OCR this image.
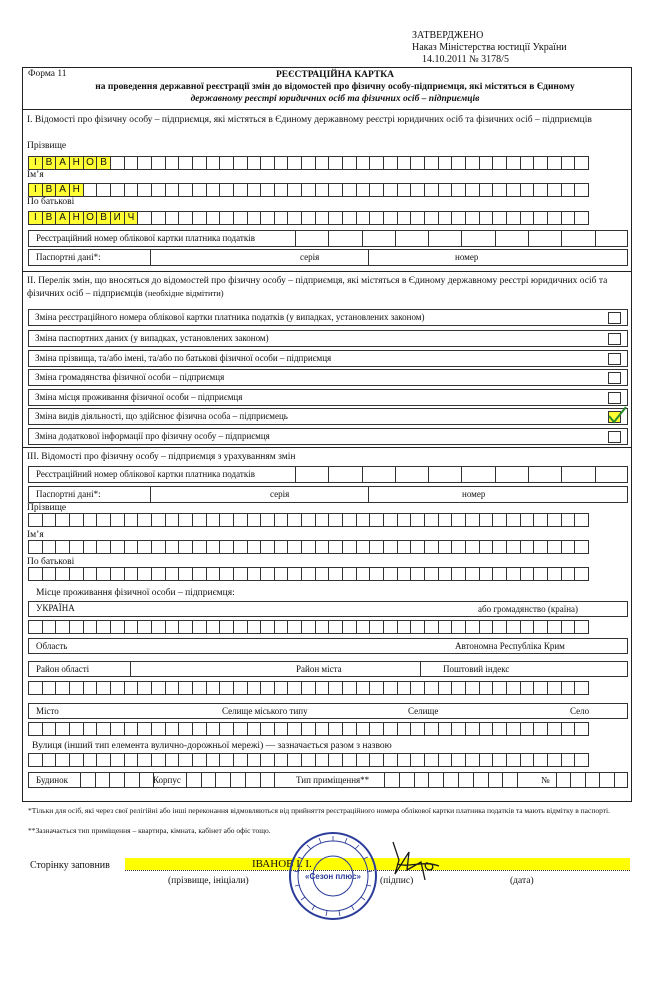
ЗАТВЕРДЖЕНО
Наказ Міністерства юстиції України
14.10.2011 № 3178/5
Форма 11	РЕЄСТРАЦІЙНА КАРТКА
на проведення державної реєстрації змін до відомостей про фізичну особу-підприємця, які містяться в Єдиному
державному реєстрі юридичних осіб та фізичних осіб – підприємців
I. Відомості про фізичну особу – підприємця, які містяться в Єдиному державному реєстрі юридичних осіб та фізичних осіб – підприємців
Прізвище
І В А Н О В
Ім’я
І В А Н
По батькові
І В А Н О В И Ч
Реєстраційний номер облікової картки платника податків
Паспортні дані*:	серія	номер
II. Перелік змін, що вносяться до відомостей про фізичну особу – підприємця, які містяться в Єдиному державному реєстрі юридичних осіб та фізичних осіб – підприємців (необхідне відмітити)
Зміна реєстраційного номера облікової картки платника податків (у випадках, установлених законом)
Зміна паспортних даних (у випадках, установлених законом)
Зміна прізвища, та/або імені, та/або по батькові фізичної особи – підприємця
Зміна громадянства фізичної особи – підприємця
Зміна місця проживання фізичної особи – підприємця
Зміна видів діяльності, що здійснює фізична особа – підприємець
Зміна додаткової інформації про фізичну особу – підприємця
III. Відомості про фізичну особу – підприємця з урахуванням змін
Реєстраційний номер облікової картки платника податків
Паспортні дані*:	серія	номер
Прізвище
Ім’я
По батькові
Місце проживання фізичної особи – підприємця:
УКРАЇНА	або громадянство (країна)
Область	Автономна Республіка Крим
Район області	Район міста	Поштовий індекс
Місто	Селище міського типу	Селище	Село
Вулиця (інший тип елемента вулично-дорожньої мережі) — зазначається разом з назвою
Будинок	Корпус	Тип приміщення**	№
*Тільки для осіб, які через свої релігійні або інші переконання відмовляються від прийняття реєстраційного номера облікової картки платника податків та мають відмітку в паспорті.
**Зазначається тип приміщення – квартира, кімната, кабінет або офіс тощо.
Сторінку заповнив	ІВАНОВ І. І.
(прізвище, ініціали)	(підпис)	(дата)
«Сезон плюс»
